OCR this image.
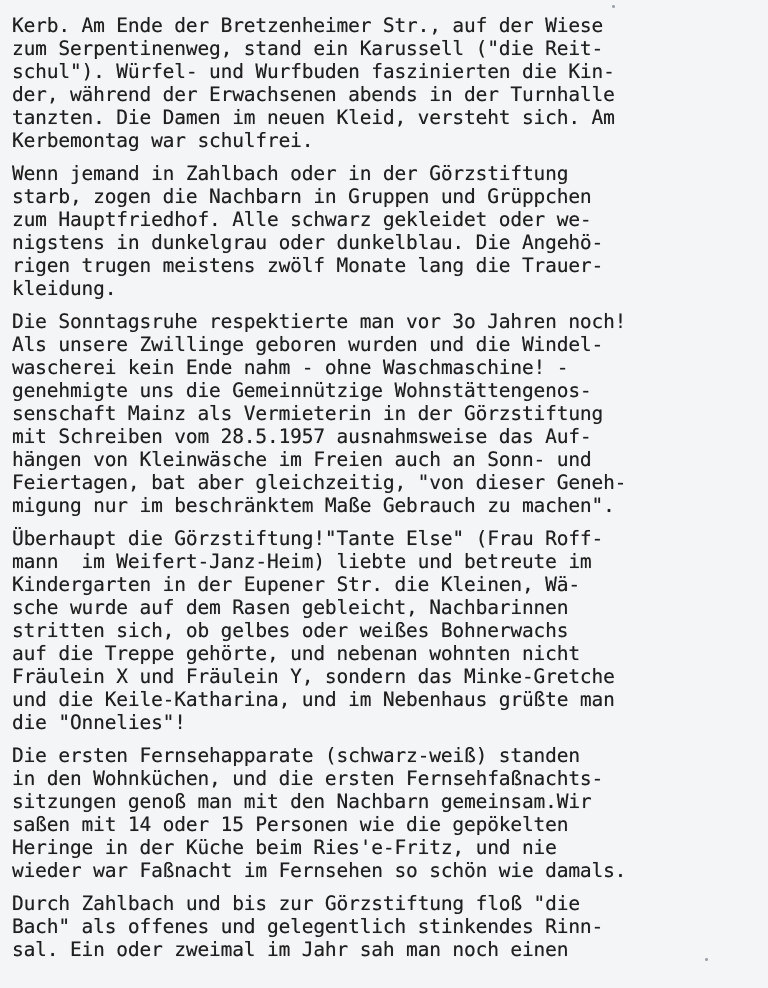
Kerb. Am Ende der Bretzenheimer Str., auf der Wiese
zum Serpentinenweg, stand ein Karussell ("die Reit-
schul"). Würfel- und Wurfbuden faszinierten die Kin-
der, während der Erwachsenen abends in der Turnhalle
tanzten. Die Damen im neuen Kleid, versteht sich. Am
Kerbemontag war schulfrei.
Wenn jemand in Zahlbach oder in der Görzstiftung
starb, zogen die Nachbarn in Gruppen und Grüppchen
zum Hauptfriedhof. Alle schwarz gekleidet oder we-
nigstens in dunkelgrau oder dunkelblau. Die Angehö-
rigen trugen meistens zwölf Monate lang die Trauer-
kleidung.
Die Sonntagsruhe respektierte man vor 3o Jahren noch!
Als unsere Zwillinge geboren wurden und die Windel-
wascherei kein Ende nahm - ohne Waschmaschine! -
genehmigte uns die Gemeinnützige Wohnstättengenos-
senschaft Mainz als Vermieterin in der Görzstiftung
mit Schreiben vom 28.5.1957 ausnahmsweise das Auf-
hängen von Kleinwäsche im Freien auch an Sonn- und
Feiertagen, bat aber gleichzeitig, "von dieser Geneh-
migung nur im beschränktem Maße Gebrauch zu machen".
Überhaupt die Görzstiftung!"Tante Else" (Frau Roff-
mann  im Weifert-Janz-Heim) liebte und betreute im
Kindergarten in der Eupener Str. die Kleinen, Wä-
sche wurde auf dem Rasen gebleicht, Nachbarinnen
stritten sich, ob gelbes oder weißes Bohnerwachs
auf die Treppe gehörte, und nebenan wohnten nicht
Fräulein X und Fräulein Y, sondern das Minke-Gretche
und die Keile-Katharina, und im Nebenhaus grüßte man
die "Onnelies"!
Die ersten Fernsehapparate (schwarz-weiß) standen
in den Wohnküchen, und die ersten Fernsehfaßnachts-
sitzungen genoß man mit den Nachbarn gemeinsam.Wir
saßen mit 14 oder 15 Personen wie die gepökelten
Heringe in der Küche beim Ries'e-Fritz, und nie
wieder war Faßnacht im Fernsehen so schön wie damals.
Durch Zahlbach und bis zur Görzstiftung floß "die
Bach" als offenes und gelegentlich stinkendes Rinn-
sal. Ein oder zweimal im Jahr sah man noch einen
